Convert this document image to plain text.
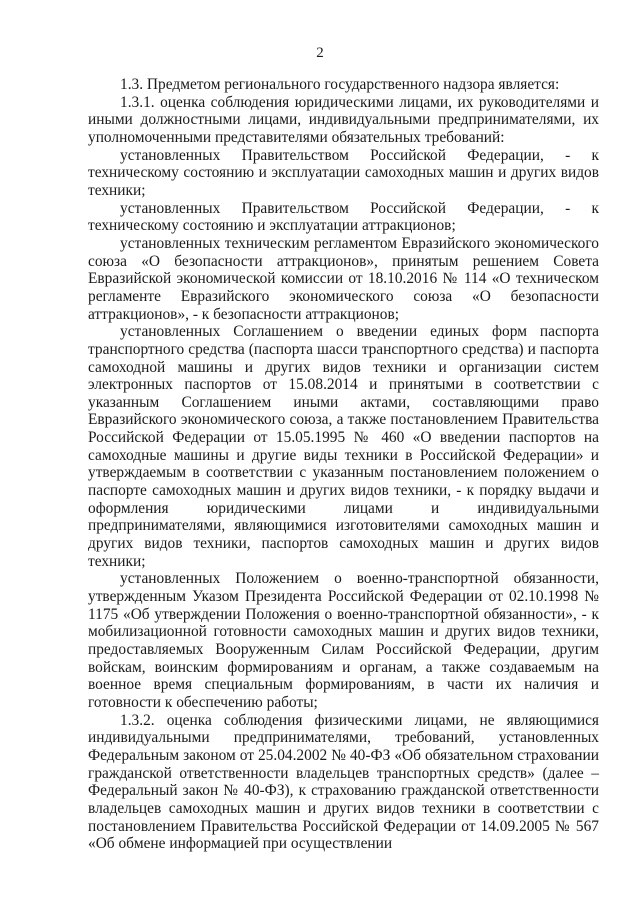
2

1.3. Предметом регионального государственного надзора является:

1.3.1. оценка соблюдения юридическими лицами, их руководителями и иными должностными лицами, индивидуальными предпринимателями, их уполномоченными представителями обязательных требований:

установленных Правительством Российской Федерации, - к техническому состоянию и эксплуатации самоходных машин и других видов техники;

установленных Правительством Российской Федерации, - к техническому состоянию и эксплуатации аттракционов;

установленных техническим регламентом Евразийского экономического союза «О безопасности аттракционов», принятым решением Совета Евразийской экономической комиссии от 18.10.2016 № 114 «О техническом регламенте Евразийского экономического союза «О безопасности аттракционов», - к безопасности аттракционов;

установленных Соглашением о введении единых форм паспорта транспортного средства (паспорта шасси транспортного средства) и паспорта самоходной машины и других видов техники и организации систем электронных паспортов от 15.08.2014 и принятыми в соответствии с указанным Соглашением иными актами, составляющими право Евразийского экономического союза, а также постановлением Правительства Российской Федерации от 15.05.1995 № 460 «О введении паспортов на самоходные машины и другие виды техники в Российской Федерации» и утверждаемым в соответствии с указанным постановлением положением о паспорте самоходных машин и других видов техники, - к порядку выдачи и оформления юридическими лицами и индивидуальными предпринимателями, являющимися изготовителями самоходных машин и других видов техники, паспортов самоходных машин и других видов техники;

установленных Положением о военно-транспортной обязанности, утвержденным Указом Президента Российской Федерации от 02.10.1998 № 1175 «Об утверждении Положения о военно-транспортной обязанности», - к мобилизационной готовности самоходных машин и других видов техники, предоставляемых Вооруженным Силам Российской Федерации, другим войскам, воинским формированиям и органам, а также создаваемым на военное время специальным формированиям, в части их наличия и готовности к обеспечению работы;

1.3.2. оценка соблюдения физическими лицами, не являющимися индивидуальными предпринимателями, требований, установленных Федеральным законом от 25.04.2002 № 40-ФЗ «Об обязательном страховании гражданской ответственности владельцев транспортных средств» (далее – Федеральный закон № 40-ФЗ), к страхованию гражданской ответственности владельцев самоходных машин и других видов техники в соответствии с постановлением Правительства Российской Федерации от 14.09.2005 № 567 «Об обмене информацией при осуществлении
